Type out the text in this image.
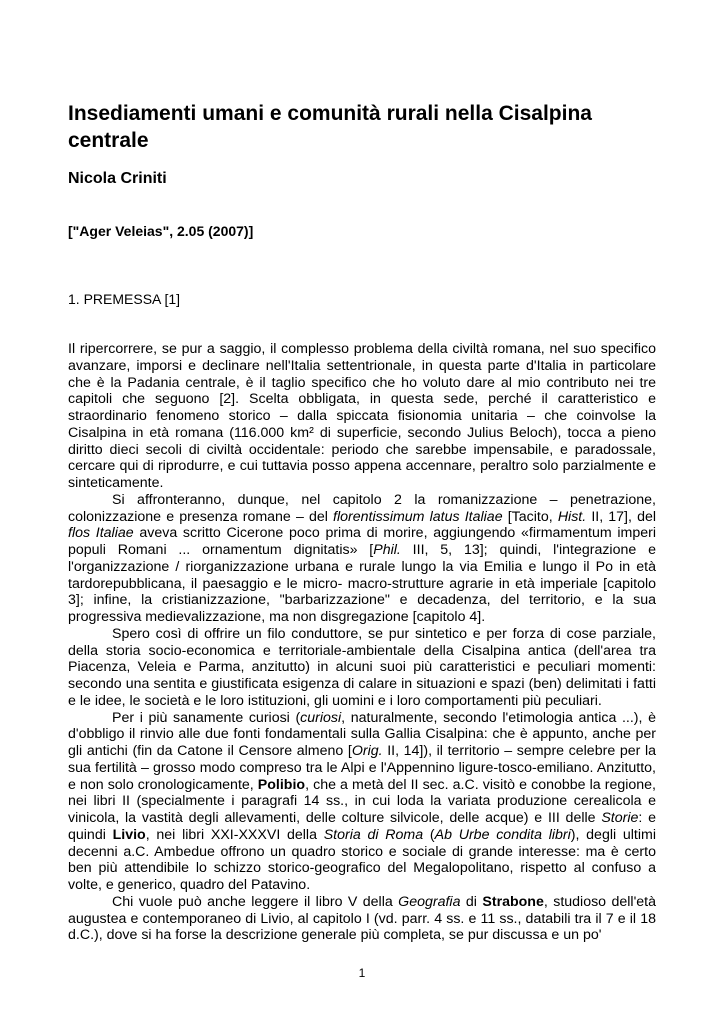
Insediamenti umani e comunità rurali nella Cisalpina centrale

Nicola Criniti

["Ager Veleias", 2.05 (2007)]

1. PREMESSA [1]

Il ripercorrere, se pur a saggio, il complesso problema della civiltà romana, nel suo specifico avanzare, imporsi e declinare nell'Italia settentrionale, in questa parte d'Italia in particolare che è la Padania centrale, è il taglio specifico che ho voluto dare al mio contributo nei tre capitoli che seguono [2]. Scelta obbligata, in questa sede, perché il caratteristico e straordinario fenomeno storico – dalla spiccata fisionomia unitaria – che coinvolse la Cisalpina in età romana (116.000 km² di superficie, secondo Julius Beloch), tocca a pieno diritto dieci secoli di civiltà occidentale: periodo che sarebbe impensabile, e paradossale, cercare qui di riprodurre, e cui tuttavia posso appena accennare, peraltro solo parzialmente e sinteticamente.

Si affronteranno, dunque, nel capitolo 2 la romanizzazione – penetrazione, colonizzazione e presenza romane – del florentissimum latus Italiae [Tacito, Hist. II, 17], del flos Italiae aveva scritto Cicerone poco prima di morire, aggiungendo «firmamentum imperi populi Romani ... ornamentum dignitatis» [Phil. III, 5, 13]; quindi, l'integrazione e l'organizzazione / riorganizzazione urbana e rurale lungo la via Emilia e lungo il Po in età tardorepubblicana, il paesaggio e le micro- macro-strutture agrarie in età imperiale [capitolo 3]; infine, la cristianizzazione, "barbarizzazione" e decadenza, del territorio, e la sua progressiva medievalizzazione, ma non disgregazione [capitolo 4].

Spero così di offrire un filo conduttore, se pur sintetico e per forza di cose parziale, della storia socio-economica e territoriale-ambientale della Cisalpina antica (dell'area tra Piacenza, Veleia e Parma, anzitutto) in alcuni suoi più caratteristici e peculiari momenti: secondo una sentita e giustificata esigenza di calare in situazioni e spazi (ben) delimitati i fatti e le idee, le società e le loro istituzioni, gli uomini e i loro comportamenti più peculiari.

Per i più sanamente curiosi (curiosi, naturalmente, secondo l'etimologia antica ...), è d'obbligo il rinvio alle due fonti fondamentali sulla Gallia Cisalpina: che è appunto, anche per gli antichi (fin da Catone il Censore almeno [Orig. II, 14]), il territorio – sempre celebre per la sua fertilità – grosso modo compreso tra le Alpi e l'Appennino ligure-tosco-emiliano. Anzitutto, e non solo cronologicamente, Polibio, che a metà del II sec. a.C. visitò e conobbe la regione, nei libri II (specialmente i paragrafi 14 ss., in cui loda la variata produzione cerealicola e vinicola, la vastità degli allevamenti, delle colture silvicole, delle acque) e III delle Storie: e quindi Livio, nei libri XXI-XXXVI della Storia di Roma (Ab Urbe condita libri), degli ultimi decenni a.C. Ambedue offrono un quadro storico e sociale di grande interesse: ma è certo ben più attendibile lo schizzo storico-geografico del Megalopolitano, rispetto al confuso a volte, e generico, quadro del Patavino.

Chi vuole può anche leggere il libro V della Geografia di Strabone, studioso dell'età augustea e contemporaneo di Livio, al capitolo I (vd. parr. 4 ss. e 11 ss., databili tra il 7 e il 18 d.C.), dove si ha forse la descrizione generale più completa, se pur discussa e un po'

1
